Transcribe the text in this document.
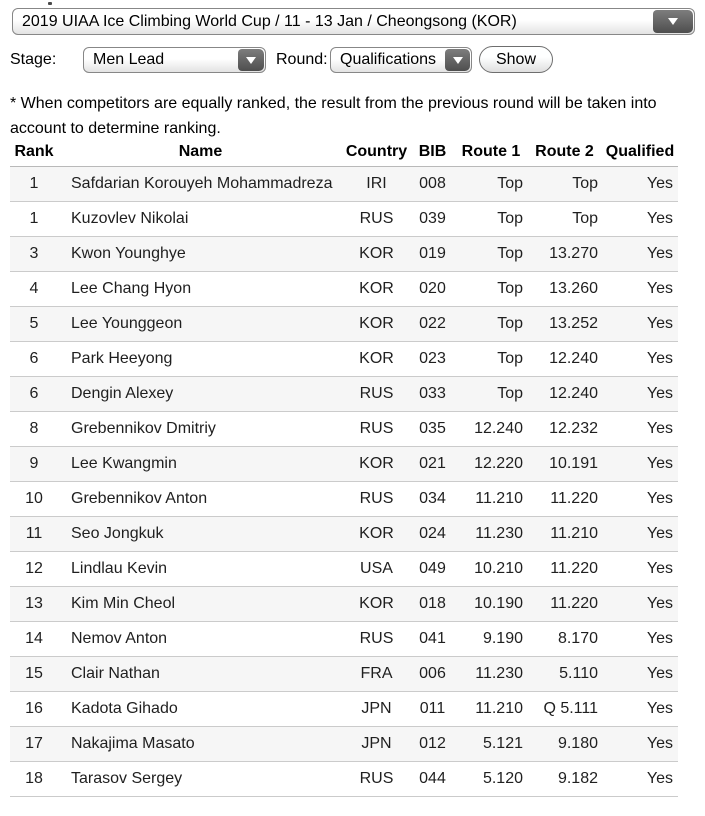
2019 UIAA Ice Climbing World Cup / 11 - 13 Jan / Cheongsong (KOR)
Stage:	Men Lead	Round: Qualifications	Show

* When competitors are equally ranked, the result from the previous round will be taken into account to determine ranking.

Rank	Name	Country	BIB	Route 1	Route 2	Qualified
1	Safdarian Korouyeh Mohammadreza	IRI	008	Top	Top	Yes
1	Kuzovlev Nikolai	RUS	039	Top	Top	Yes
3	Kwon Younghye	KOR	019	Top	13.270	Yes
4	Lee Chang Hyon	KOR	020	Top	13.260	Yes
5	Lee Younggeon	KOR	022	Top	13.252	Yes
6	Park Heeyong	KOR	023	Top	12.240	Yes
6	Dengin Alexey	RUS	033	Top	12.240	Yes
8	Grebennikov Dmitriy	RUS	035	12.240	12.232	Yes
9	Lee Kwangmin	KOR	021	12.220	10.191	Yes
10	Grebennikov Anton	RUS	034	11.210	11.220	Yes
11	Seo Jongkuk	KOR	024	11.230	11.210	Yes
12	Lindlau Kevin	USA	049	10.210	11.220	Yes
13	Kim Min Cheol	KOR	018	10.190	11.220	Yes
14	Nemov Anton	RUS	041	9.190	8.170	Yes
15	Clair Nathan	FRA	006	11.230	5.110	Yes
16	Kadota Gihado	JPN	011	11.210	Q 5.111	Yes
17	Nakajima Masato	JPN	012	5.121	9.180	Yes
18	Tarasov Sergey	RUS	044	5.120	9.182	Yes
